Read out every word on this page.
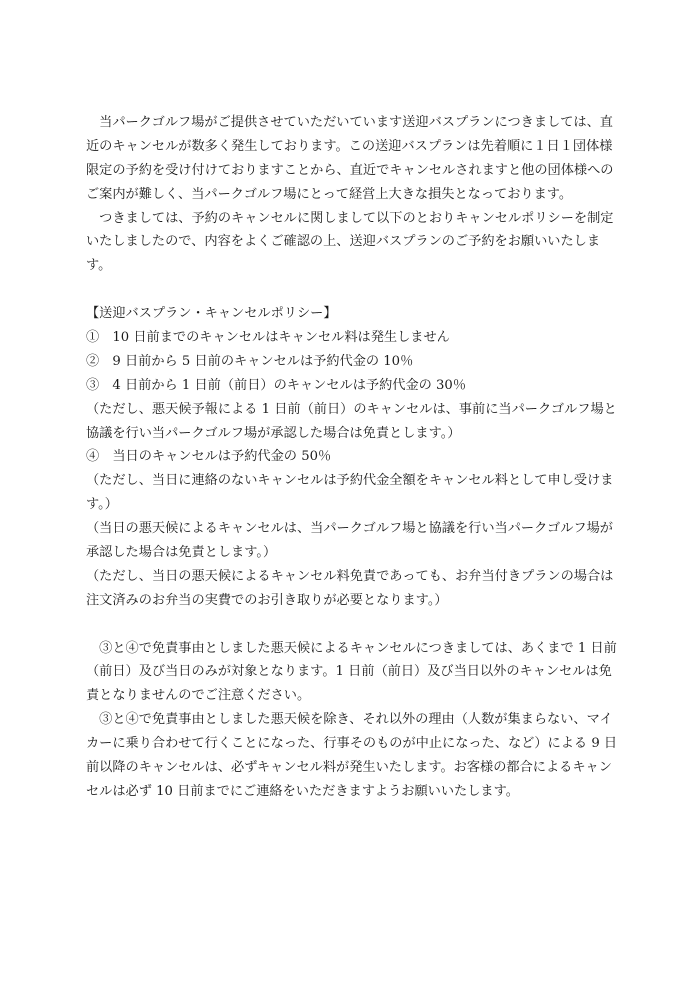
　当パークゴルフ場がご提供させていただいています送迎バスプランにつきましては、直
近のキャンセルが数多く発生しております。この送迎バスプランは先着順に１日１団体様
限定の予約を受け付けておりますことから、直近でキャンセルされますと他の団体様への
ご案内が難しく、当パークゴルフ場にとって経営上大きな損失となっております。
　つきましては、予約のキャンセルに関しまして以下のとおりキャンセルポリシーを制定
いたしましたので、内容をよくご確認の上、送迎バスプランのご予約をお願いいたしま
す。
【送迎バスプラン・キャンセルポリシー】
①　10 日前までのキャンセルはキャンセル料は発生しません
②　9 日前から 5 日前のキャンセルは予約代金の 10％
③　4 日前から 1 日前（前日）のキャンセルは予約代金の 30％
（ただし、悪天候予報による 1 日前（前日）のキャンセルは、事前に当パークゴルフ場と
協議を行い当パークゴルフ場が承認した場合は免責とします。）
④　当日のキャンセルは予約代金の 50％
（ただし、当日に連絡のないキャンセルは予約代金全額をキャンセル料として申し受けま
す。）
（当日の悪天候によるキャンセルは、当パークゴルフ場と協議を行い当パークゴルフ場が
承認した場合は免責とします。）
（ただし、当日の悪天候によるキャンセル料免責であっても、お弁当付きプランの場合は
注文済みのお弁当の実費でのお引き取りが必要となります。）
　③と④で免責事由としました悪天候によるキャンセルにつきましては、あくまで 1 日前
（前日）及び当日のみが対象となります。1 日前（前日）及び当日以外のキャンセルは免
責となりませんのでご注意ください。
　③と④で免責事由としました悪天候を除き、それ以外の理由（人数が集まらない、マイ
カーに乗り合わせて行くことになった、行事そのものが中止になった、など）による 9 日
前以降のキャンセルは、必ずキャンセル料が発生いたします。お客様の都合によるキャン
セルは必ず 10 日前までにご連絡をいただきますようお願いいたします。
